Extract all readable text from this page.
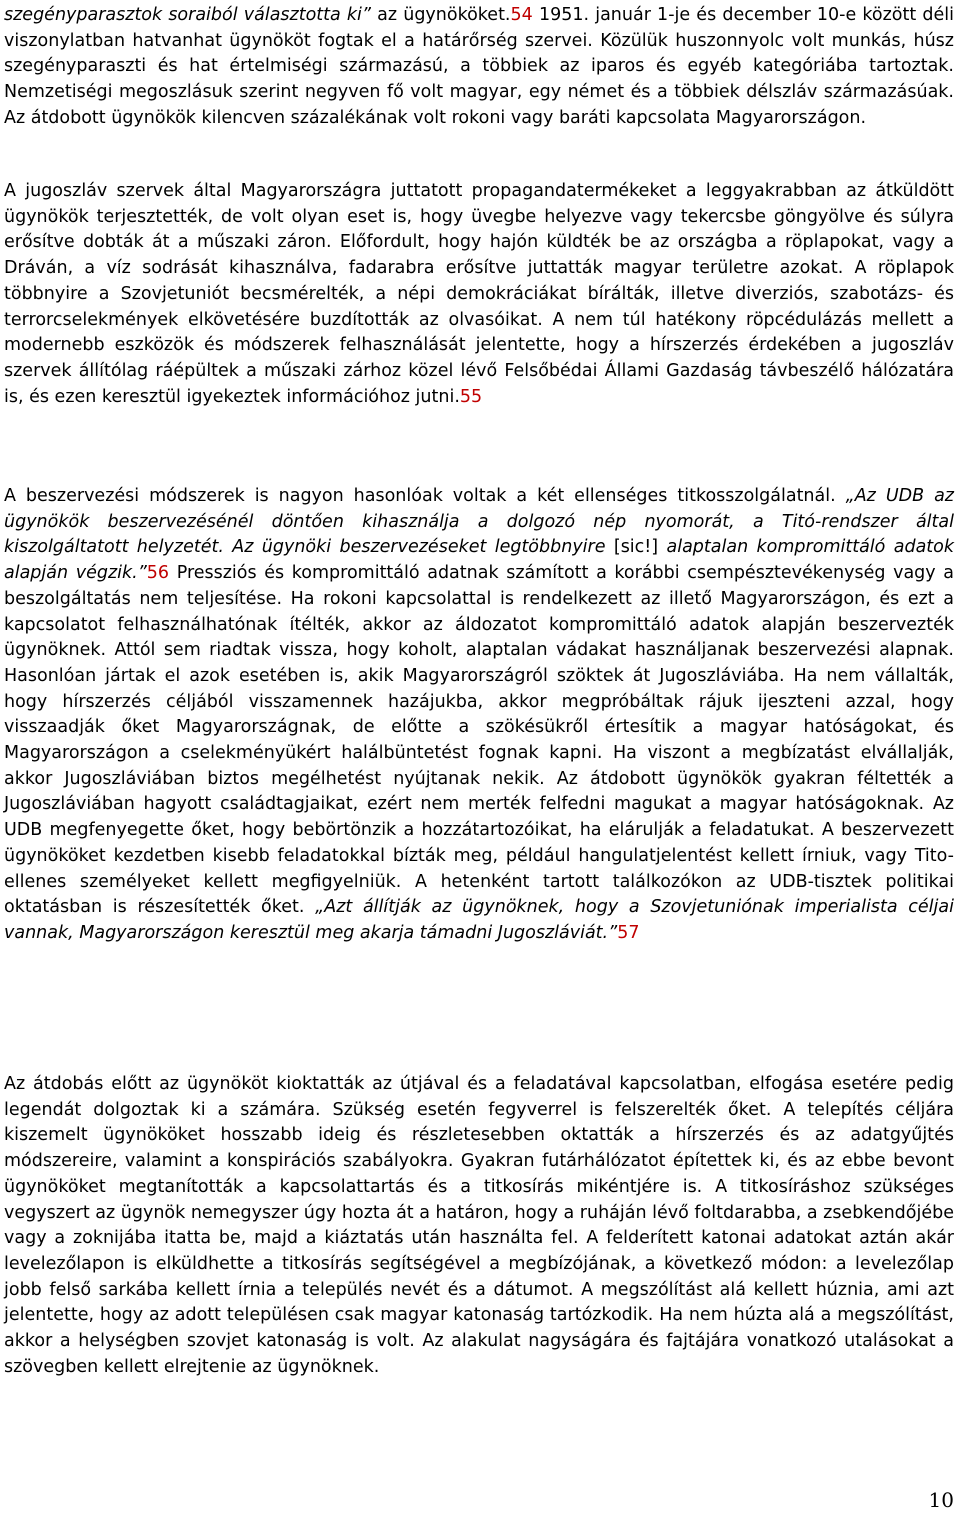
szegényparasztok soraiból választotta ki” az ügynököket.54 1951. január 1-je és december 10-e között déli viszonylatban hatvanhat ügynököt fogtak el a határőrség szervei. Közülük huszonnyolc volt munkás, húsz szegényparaszti és hat értelmiségi származású, a többiek az iparos és egyéb kategóriába tartoztak. Nemzetiségi megoszlásuk szerint negyven fő volt magyar, egy német és a többiek délszláv származásúak. Az átdobott ügynökök kilencven százalékának volt rokoni vagy baráti kapcsolata Magyarországon.

A jugoszláv szervek által Magyarországra juttatott propagandatermékeket a leggyakrabban az átküldött ügynökök terjesztették, de volt olyan eset is, hogy üvegbe helyezve vagy tekercsbe göngyölve és súlyra erősítve dobták át a műszaki záron. Előfordult, hogy hajón küldték be az országba a röplapokat, vagy a Dráván, a víz sodrását kihasználva, fadarabra erősítve juttatták magyar területre azokat. A röplapok többnyire a Szovjetuniót becsmérelték, a népi demokráciákat bírálták, illetve diverziós, szabotázs- és terrorcselekmények elkövetésére buzdították az olvasóikat. A nem túl hatékony röpcédulázás mellett a modernebb eszközök és módszerek felhasználását jelentette, hogy a hírszerzés érdekében a jugoszláv szervek állítólag ráépültek a műszaki zárhoz közel lévő Felsőbédai Állami Gazdaság távbeszélő hálózatára is, és ezen keresztül igyekeztek információhoz jutni.55

A beszervezési módszerek is nagyon hasonlóak voltak a két ellenséges titkosszolgálatnál. „Az UDB az ügynökök beszervezésénél döntően kihasználja a dolgozó nép nyomorát, a Titó-rendszer által kiszolgáltatott helyzetét. Az ügynöki beszervezéseket legtöbbnyire [sic!] alaptalan kompromittáló adatok alapján végzik.”56 Pressziós és kompromittáló adatnak számított a korábbi csempésztevékenység vagy a beszolgáltatás nem teljesítése. Ha rokoni kapcsolattal is rendelkezett az illető Magyarországon, és ezt a kapcsolatot felhasználhatónak ítélték, akkor az áldozatot kompromittáló adatok alapján beszervezték ügynöknek. Attól sem riadtak vissza, hogy koholt, alaptalan vádakat használjanak beszervezési alapnak. Hasonlóan jártak el azok esetében is, akik Magyarországról szöktek át Jugoszláviába. Ha nem vállalták, hogy hírszerzés céljából visszamennek hazájukba, akkor megpróbáltak rájuk ijeszteni azzal, hogy visszaadják őket Magyarországnak, de előtte a szökésükről értesítik a magyar hatóságokat, és Magyarországon a cselekményükért halálbüntetést fognak kapni. Ha viszont a megbízatást elvállalják, akkor Jugoszláviában biztos megélhetést nyújtanak nekik. Az átdobott ügynökök gyakran féltették a Jugoszláviában hagyott családtagjaikat, ezért nem merték felfedni magukat a magyar hatóságoknak. Az UDB megfenyegette őket, hogy bebörtönzik a hozzátartozóikat, ha elárulják a feladatukat. A beszervezett ügynököket kezdetben kisebb feladatokkal bízták meg, például hangulatjelentést kellett írniuk, vagy Tito-ellenes személyeket kellett megfigyelniük. A hetenként tartott találkozókon az UDB-tisztek politikai oktatásban is részesítették őket. „Azt állítják az ügynöknek, hogy a Szovjetuniónak imperialista céljai vannak, Magyarországon keresztül meg akarja támadni Jugoszláviát.”57

Az átdobás előtt az ügynököt kioktatták az útjával és a feladatával kapcsolatban, elfogása esetére pedig legendát dolgoztak ki a számára. Szükség esetén fegyverrel is felszerelték őket. A telepítés céljára kiszemelt ügynököket hosszabb ideig és részletesebben oktatták a hírszerzés és az adatgyűjtés módszereire, valamint a konspirációs szabályokra. Gyakran futárhálózatot építettek ki, és az ebbe bevont ügynököket megtanították a kapcsolattartás és a titkosírás mikéntjére is. A titkosíráshoz szükséges vegyszert az ügynök nemegyszer úgy hozta át a határon, hogy a ruháján lévő foltdarabba, a zsebkendőjébe vagy a zoknijába itatta be, majd a kiáztatás után használta fel. A felderített katonai adatokat aztán akár levelezőlapon is elküldhette a titkosírás segítségével a megbízójának, a következő módon: a levelezőlap jobb felső sarkába kellett írnia a település nevét és a dátumot. A megszólítást alá kellett húznia, ami azt jelentette, hogy az adott településen csak magyar katonaság tartózkodik. Ha nem húzta alá a megszólítást, akkor a helységben szovjet katonaság is volt. Az alakulat nagyságára és fajtájára vonatkozó utalásokat a szövegben kellett elrejtenie az ügynöknek.

10
